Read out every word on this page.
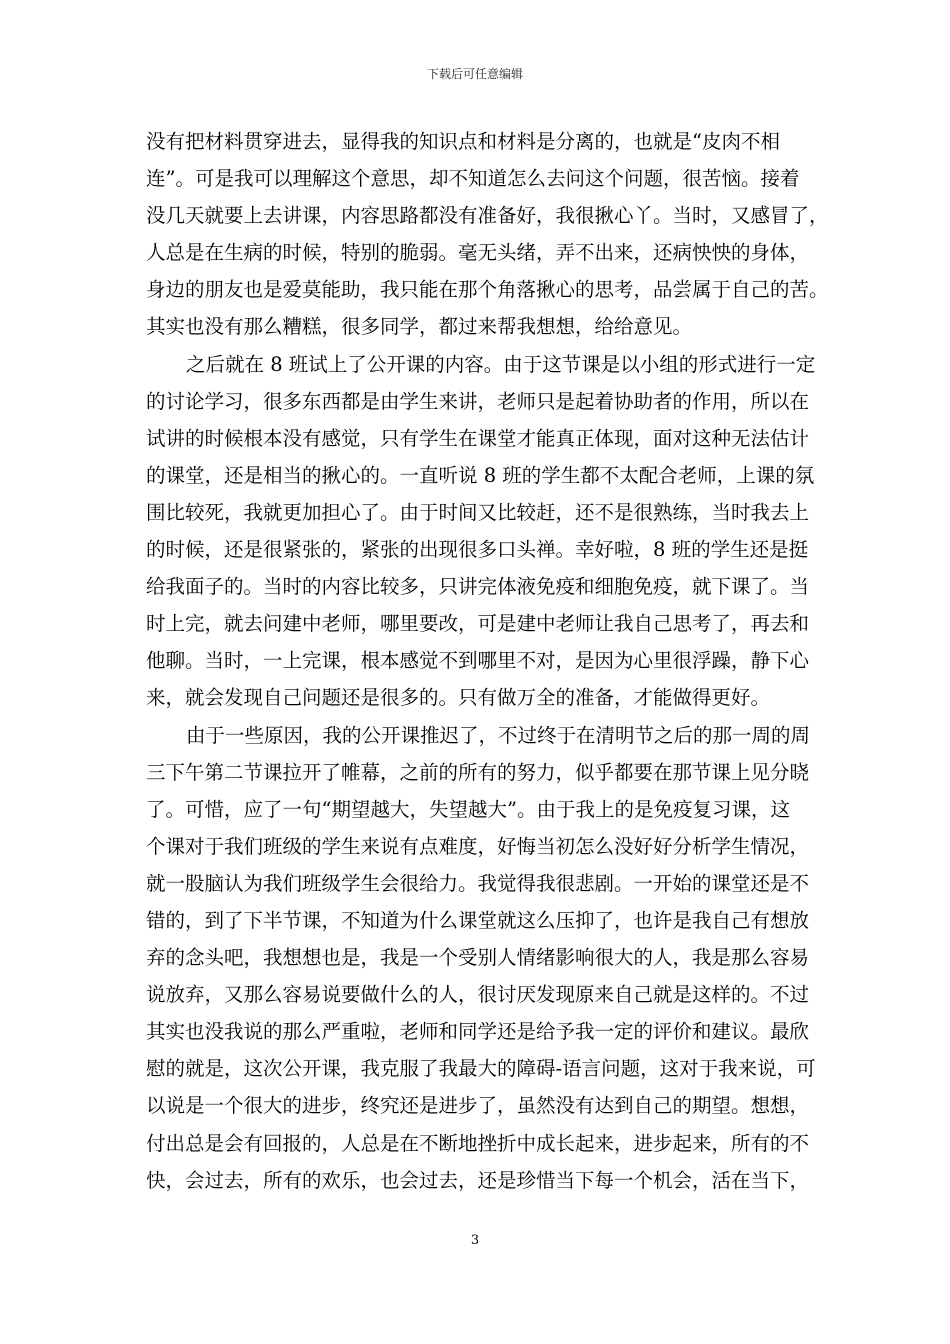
下载后可任意编辑
没有把材料贯穿进去，显得我的知识点和材料是分离的，也就是“皮肉不相
连”。可是我可以理解这个意思，却不知道怎么去问这个问题，很苦恼。接着
没几天就要上去讲课，内容思路都没有准备好，我很揪心丫。当时，又感冒了，
人总是在生病的时候，特别的脆弱。毫无头绪，弄不出来，还病怏怏的身体，
身边的朋友也是爱莫能助，我只能在那个角落揪心的思考，品尝属于自己的苦。
其实也没有那么糟糕，很多同学，都过来帮我想想，给给意见。
之后就在 8 班试上了公开课的内容。由于这节课是以小组的形式进行一定
的讨论学习，很多东西都是由学生来讲，老师只是起着协助者的作用，所以在
试讲的时候根本没有感觉，只有学生在课堂才能真正体现，面对这种无法估计
的课堂，还是相当的揪心的。一直听说 8 班的学生都不太配合老师，上课的氛
围比较死，我就更加担心了。由于时间又比较赶，还不是很熟练，当时我去上
的时候，还是很紧张的，紧张的出现很多口头禅。幸好啦，8 班的学生还是挺
给我面子的。当时的内容比较多，只讲完体液免疫和细胞免疫，就下课了。当
时上完，就去问建中老师，哪里要改，可是建中老师让我自己思考了，再去和
他聊。当时，一上完课，根本感觉不到哪里不对，是因为心里很浮躁，静下心
来，就会发现自己问题还是很多的。只有做万全的准备，才能做得更好。
由于一些原因，我的公开课推迟了，不过终于在清明节之后的那一周的周
三下午第二节课拉开了帷幕，之前的所有的努力，似乎都要在那节课上见分晓
了。可惜，应了一句“期望越大，失望越大”。由于我上的是免疫复习课，这
个课对于我们班级的学生来说有点难度，好悔当初怎么没好好分析学生情况，
就一股脑认为我们班级学生会很给力。我觉得我很悲剧。一开始的课堂还是不
错的，到了下半节课，不知道为什么课堂就这么压抑了，也许是我自己有想放
弃的念头吧，我想想也是，我是一个受别人情绪影响很大的人，我是那么容易
说放弃，又那么容易说要做什么的人，很讨厌发现原来自己就是这样的。不过
其实也没我说的那么严重啦，老师和同学还是给予我一定的评价和建议。最欣
慰的就是，这次公开课，我克服了我最大的障碍-语言问题，这对于我来说，可
以说是一个很大的进步，终究还是进步了，虽然没有达到自己的期望。想想，
付出总是会有回报的，人总是在不断地挫折中成长起来，进步起来，所有的不
快，会过去，所有的欢乐，也会过去，还是珍惜当下每一个机会，活在当下，
3
